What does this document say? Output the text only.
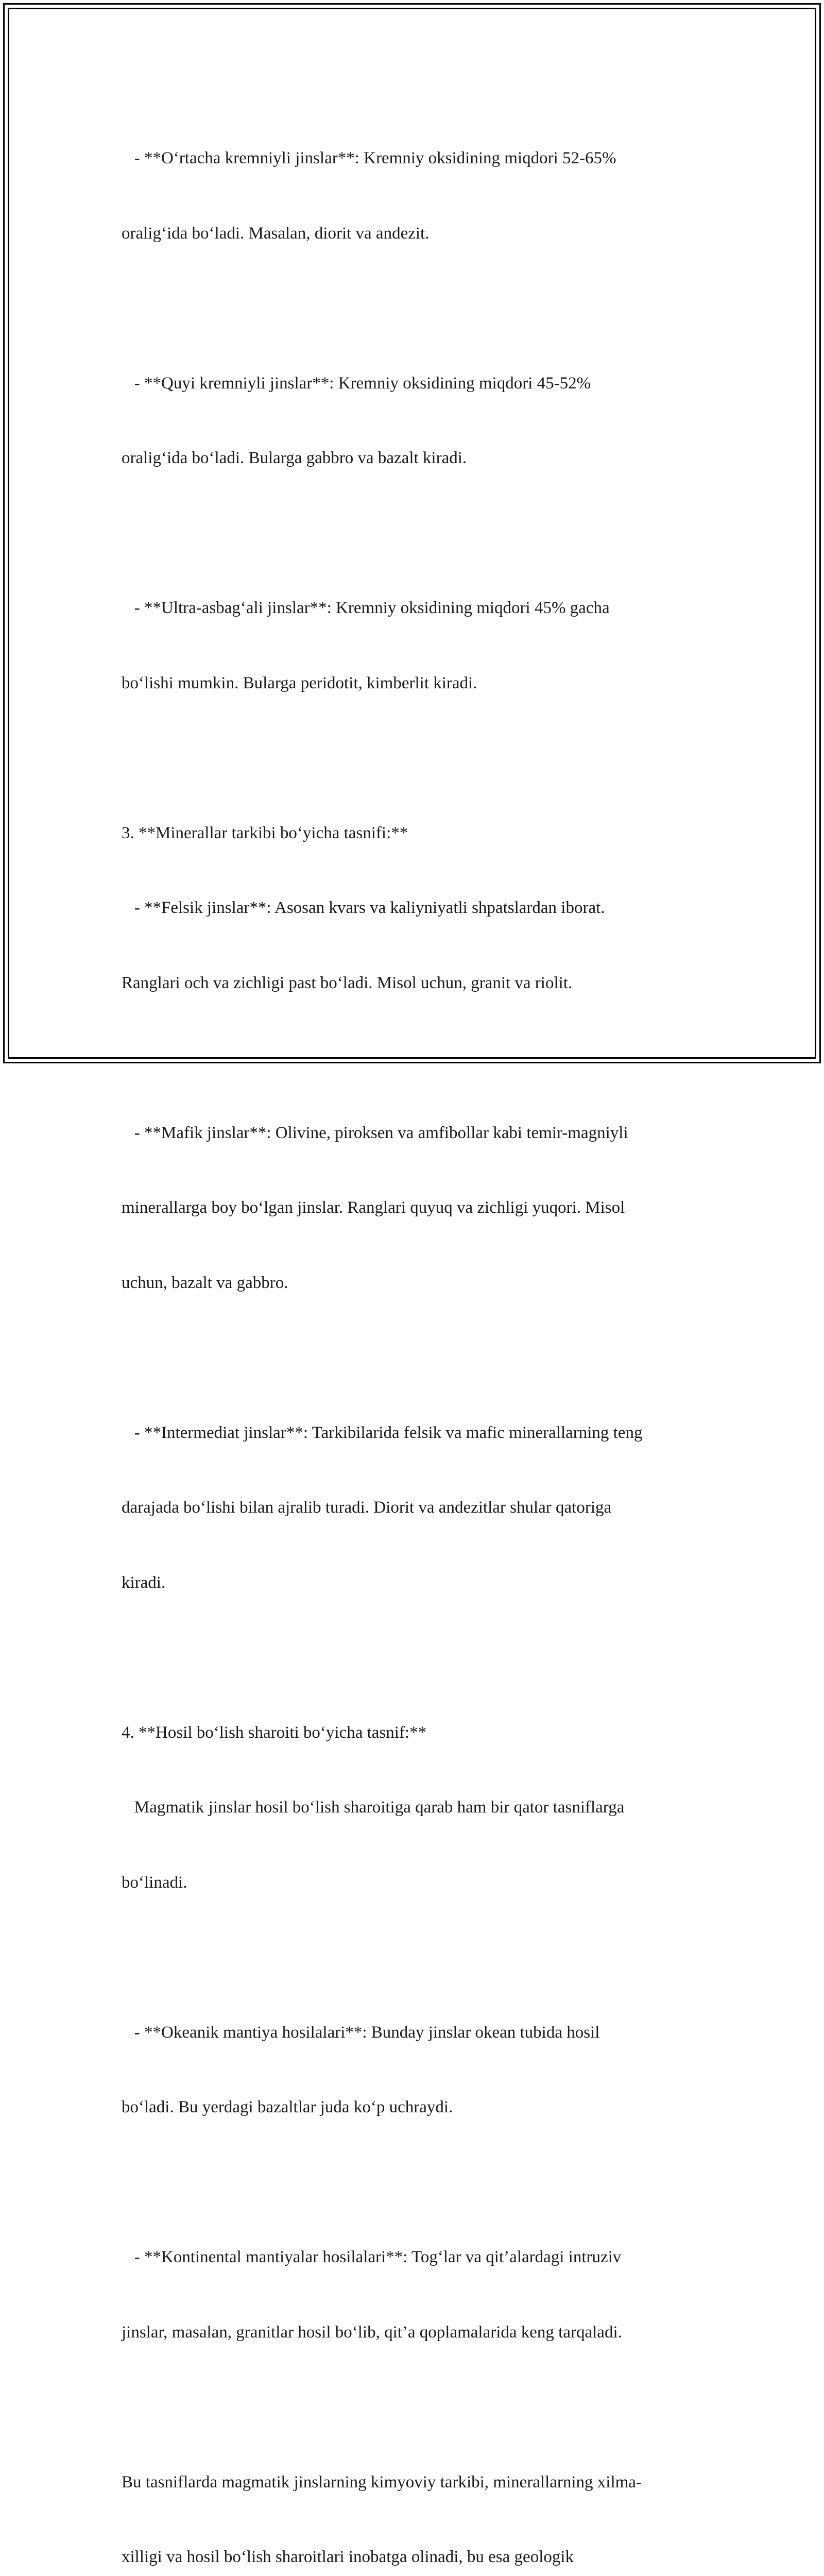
- **O‘rtacha kremniyli jinslar**: Kremniy oksidining miqdori 52-65%

oralig‘ida bo‘ladi. Masalan, diorit va andezit.

- **Quyi kremniyli jinslar**: Kremniy oksidining miqdori 45-52%

oralig‘ida bo‘ladi. Bularga gabbro va bazalt kiradi.

- **Ultra-asbag‘ali jinslar**: Kremniy oksidining miqdori 45% gacha

bo‘lishi mumkin. Bularga peridotit, kimberlit kiradi.

3. **Minerallar tarkibi bo‘yicha tasnifi:**

- **Felsik jinslar**: Asosan kvars va kaliyniyatli shpatslardan iborat.

Ranglari och va zichligi past bo‘ladi. Misol uchun, granit va riolit.

- **Mafik jinslar**: Olivine, piroksen va amfibollar kabi temir-magniyli

minerallarga boy bo‘lgan jinslar. Ranglari quyuq va zichligi yuqori. Misol

uchun, bazalt va gabbro.

- **Intermediat jinslar**: Tarkibilarida felsik va mafic minerallarning teng

darajada bo‘lishi bilan ajralib turadi. Diorit va andezitlar shular qatoriga

kiradi.

4. **Hosil bo‘lish sharoiti bo‘yicha tasnif:**

Magmatik jinslar hosil bo‘lish sharoitiga qarab ham bir qator tasniflarga

bo‘linadi.

- **Okeanik mantiya hosilalari**: Bunday jinslar okean tubida hosil

bo‘ladi. Bu yerdagi bazaltlar juda ko‘p uchraydi.

- **Kontinental mantiyalar hosilalari**: Tog‘lar va qit’alardagi intruziv

jinslar, masalan, granitlar hosil bo‘lib, qit’a qoplamalarida keng tarqaladi.

Bu tasniflarda magmatik jinslarning kimyoviy tarkibi, minerallarning xilma-

xilligi va hosil bo‘lish sharoitlari inobatga olinadi, bu esa geologik
